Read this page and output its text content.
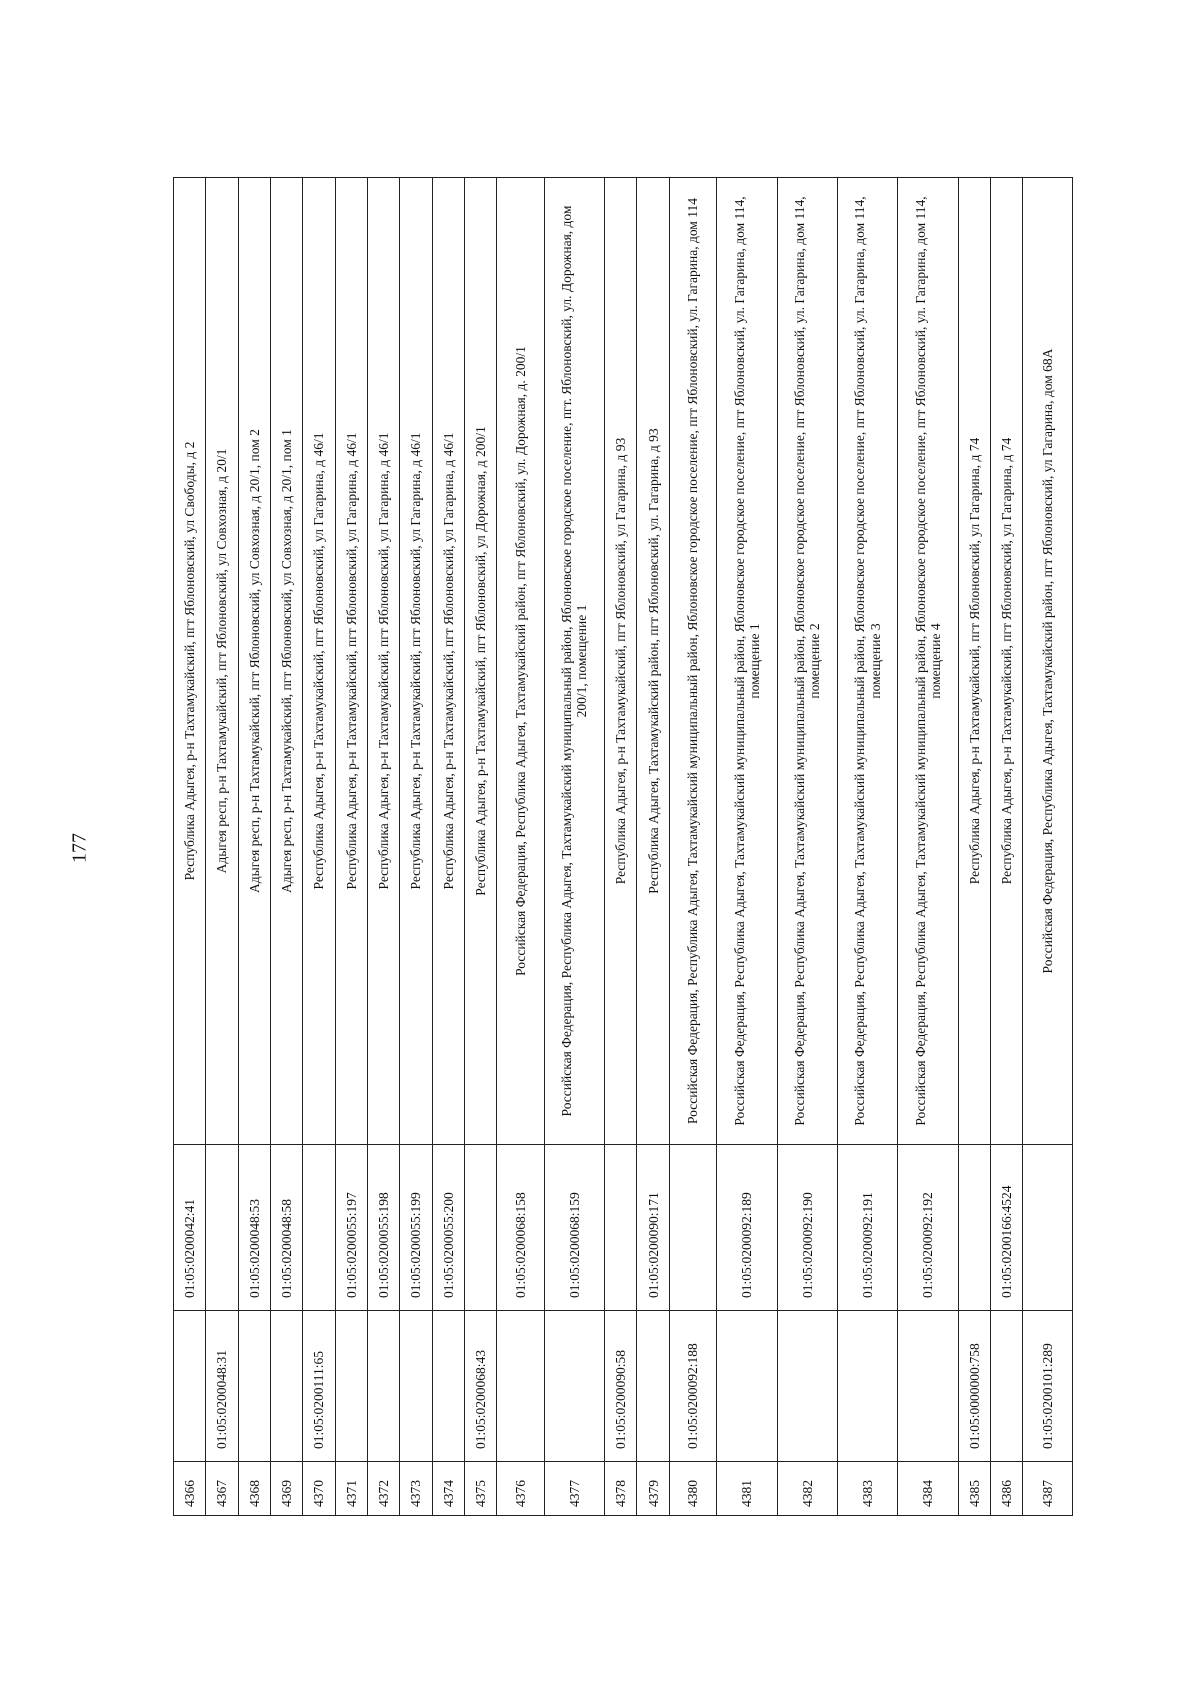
177
4366		01:05:0200042:41	Республика Адыгея, р-н Тахтамукайский, пгт Яблоновский, ул Свободы, д 2
4367	01:05:0200048:31		Адыгея респ, р-н Тахтамукайский, пгт Яблоновский, ул Совхозная, д 20/1
4368		01:05:0200048:53	Адыгея респ, р-н Тахтамукайский, пгт Яблоновский, ул Совхозная, д 20/1, пом 2
4369		01:05:0200048:58	Адыгея респ, р-н Тахтамукайский, пгт Яблоновский, ул Совхозная, д 20/1, пом 1
4370	01:05:0200111:65		Республика Адыгея, р-н Тахтамукайский, пгт Яблоновский, ул Гагарина, д 46/1
4371		01:05:0200055:197	Республика Адыгея, р-н Тахтамукайский, пгт Яблоновский, ул Гагарина, д 46/1
4372		01:05:0200055:198	Республика Адыгея, р-н Тахтамукайский, пгт Яблоновский, ул Гагарина, д 46/1
4373		01:05:0200055:199	Республика Адыгея, р-н Тахтамукайский, пгт Яблоновский, ул Гагарина, д 46/1
4374		01:05:0200055:200	Республика Адыгея, р-н Тахтамукайский, пгт Яблоновский, ул Гагарина, д 46/1
4375	01:05:0200068:43		Республика Адыгея, р-н Тахтамукайский, пгт Яблоновский, ул Дорожная, д 200/1
4376		01:05:0200068:158	Российская Федерация, Республика Адыгея, Тахтамукайский район, пгт Яблоновский, ул. Дорожная, д. 200/1
4377		01:05:0200068:159	Российская Федерация, Республика Адыгея, Тахтамукайский муниципальный район, Яблоновское городское поселение, пгт. Яблоновский, ул. Дорожная, дом 200/1, помещение 1
4378	01:05:0200090:58		Республика Адыгея, р-н Тахтамукайский, пгт Яблоновский, ул Гагарина, д 93
4379		01:05:0200090:171	Республика Адыгея, Тахтамукайский район, пгт Яблоновский, ул. Гагарина, д 93
4380	01:05:0200092:188		Российская Федерация, Республика Адыгея, Тахтамукайский муниципальный район, Яблоновское городское поселение, пгт Яблоновский, ул. Гагарина, дом 114
4381		01:05:0200092:189	Российская Федерация, Республика Адыгея, Тахтамукайский муниципальный район, Яблоновское городское поселение, пгт Яблоновский, ул. Гагарина, дом 114, помещение 1
4382		01:05:0200092:190	Российская Федерация, Республика Адыгея, Тахтамукайский муниципальный район, Яблоновское городское поселение, пгт Яблоновский, ул. Гагарина, дом 114, помещение 2
4383		01:05:0200092:191	Российская Федерация, Республика Адыгея, Тахтамукайский муниципальный район, Яблоновское городское поселение, пгт Яблоновский, ул. Гагарина, дом 114, помещение 3
4384		01:05:0200092:192	Российская Федерация, Республика Адыгея, Тахтамукайский муниципальный район, Яблоновское городское поселение, пгт Яблоновский, ул. Гагарина, дом 114, помещение 4
4385	01:05:0000000:758		Республика Адыгея, р-н Тахтамукайский, пгт Яблоновский, ул Гагарина, д 74
4386		01:05:0200166:4524	Республика Адыгея, р-н Тахтамукайский, пгт Яблоновский, ул Гагарина, д 74
4387	01:05:0200101:289		Российская Федерация, Республика Адыгея, Тахтамукайский район, пгт Яблоновский, ул Гагарина, дом 68А
